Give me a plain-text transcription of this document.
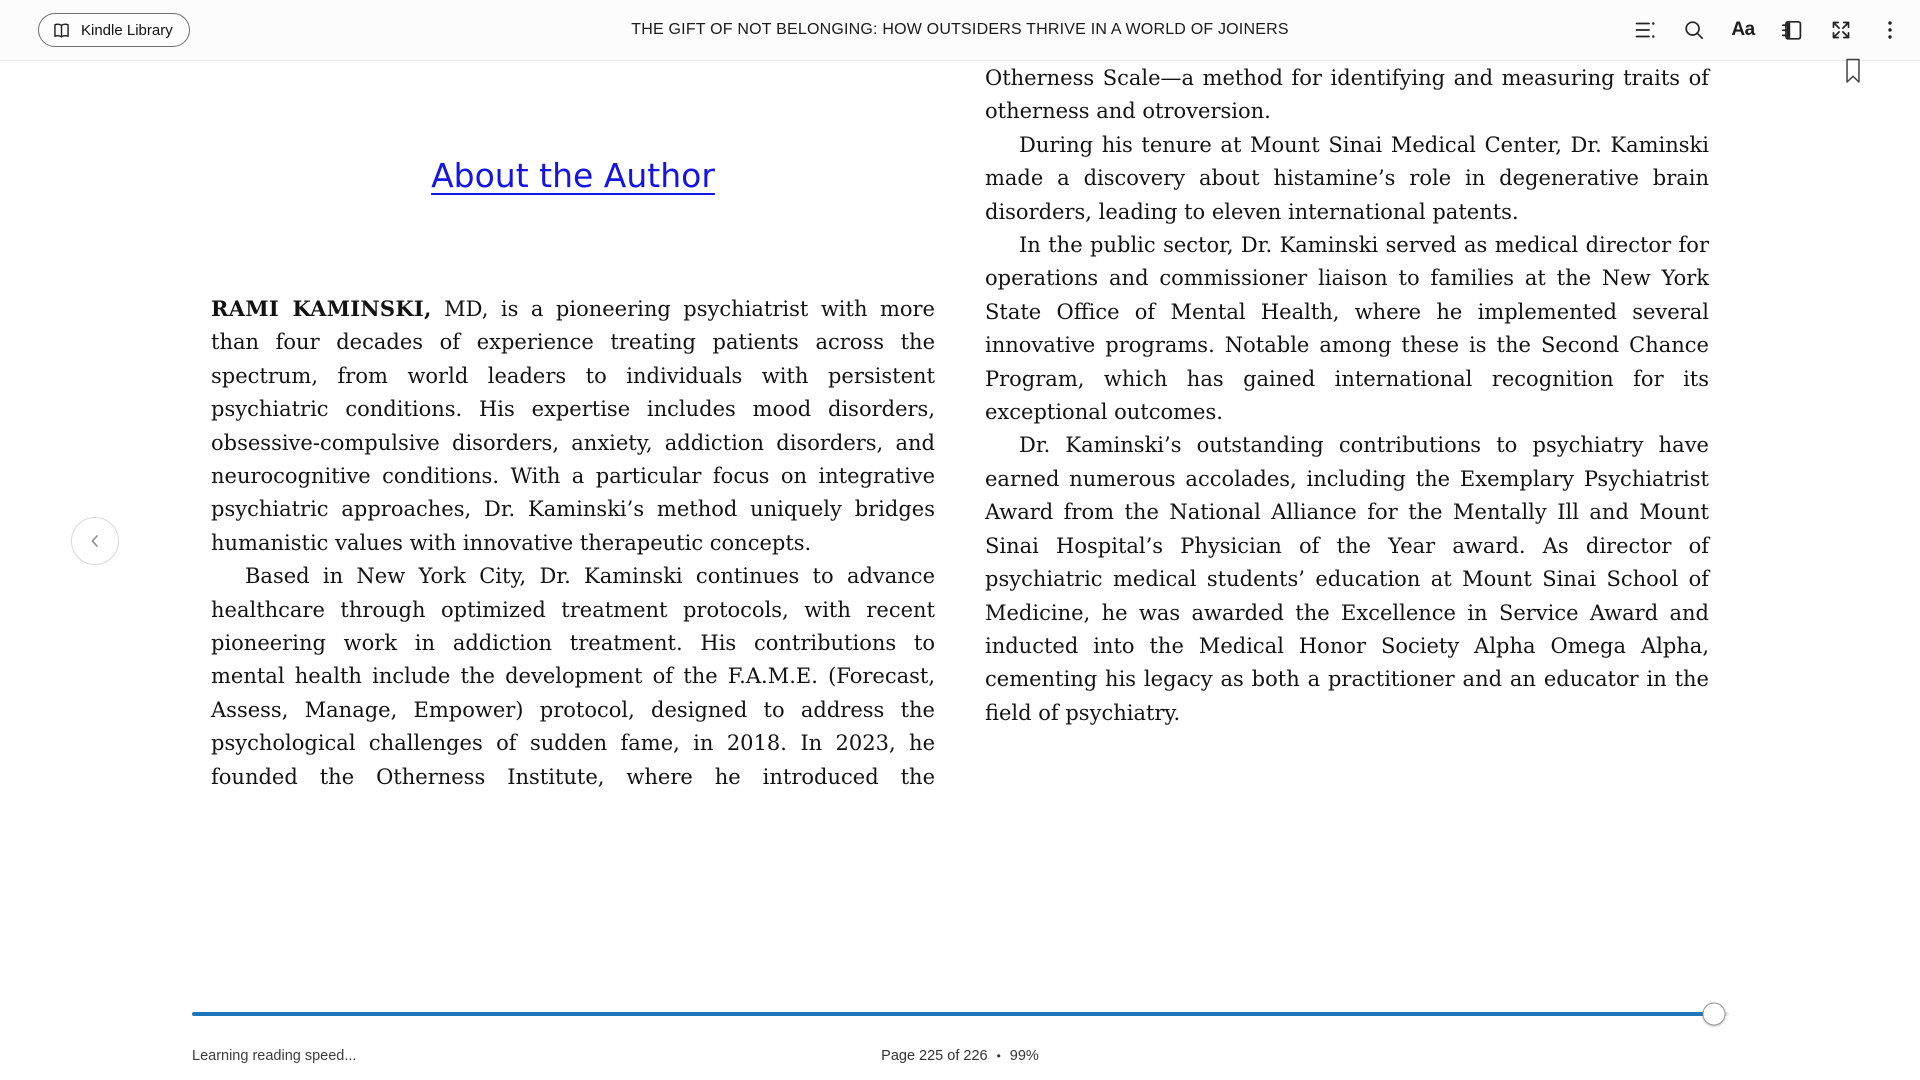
Kindle Library	THE GIFT OF NOT BELONGING: HOW OUTSIDERS THRIVE IN A WORLD OF JOINERS	Aa
About the Author

RAMI KAMINSKI, MD, is a pioneering psychiatrist with more than four decades of experience treating patients across the spectrum, from world leaders to individuals with persistent psychiatric conditions. His expertise includes mood disorders, obsessive-compulsive disorders, anxiety, addiction disorders, and neurocognitive conditions. With a particular focus on integrative psychiatric approaches, Dr. Kaminski’s method uniquely bridges humanistic values with innovative therapeutic concepts.

Based in New York City, Dr. Kaminski continues to advance healthcare through optimized treatment protocols, with recent pioneering work in addiction treatment. His contributions to mental health include the development of the F.A.M.E. (Forecast, Assess, Manage, Empower) protocol, designed to address the psychological challenges of sudden fame, in 2018. In 2023, he founded the Otherness Institute, where he introduced the

Otherness Scale—a method for identifying and measuring traits of otherness and otroversion.

During his tenure at Mount Sinai Medical Center, Dr. Kaminski made a discovery about histamine’s role in degenerative brain disorders, leading to eleven international patents.

In the public sector, Dr. Kaminski served as medical director for operations and commissioner liaison to families at the New York State Office of Mental Health, where he implemented several innovative programs. Notable among these is the Second Chance Program, which has gained international recognition for its exceptional outcomes.

Dr. Kaminski’s outstanding contributions to psychiatry have earned numerous accolades, including the Exemplary Psychiatrist Award from the National Alliance for the Mentally Ill and Mount Sinai Hospital’s Physician of the Year award. As director of psychiatric medical students’ education at Mount Sinai School of Medicine, he was awarded the Excellence in Service Award and inducted into the Medical Honor Society Alpha Omega Alpha, cementing his legacy as both a practitioner and an educator in the field of psychiatry.

Learning reading speed...	Page 225 of 226 • 99%
